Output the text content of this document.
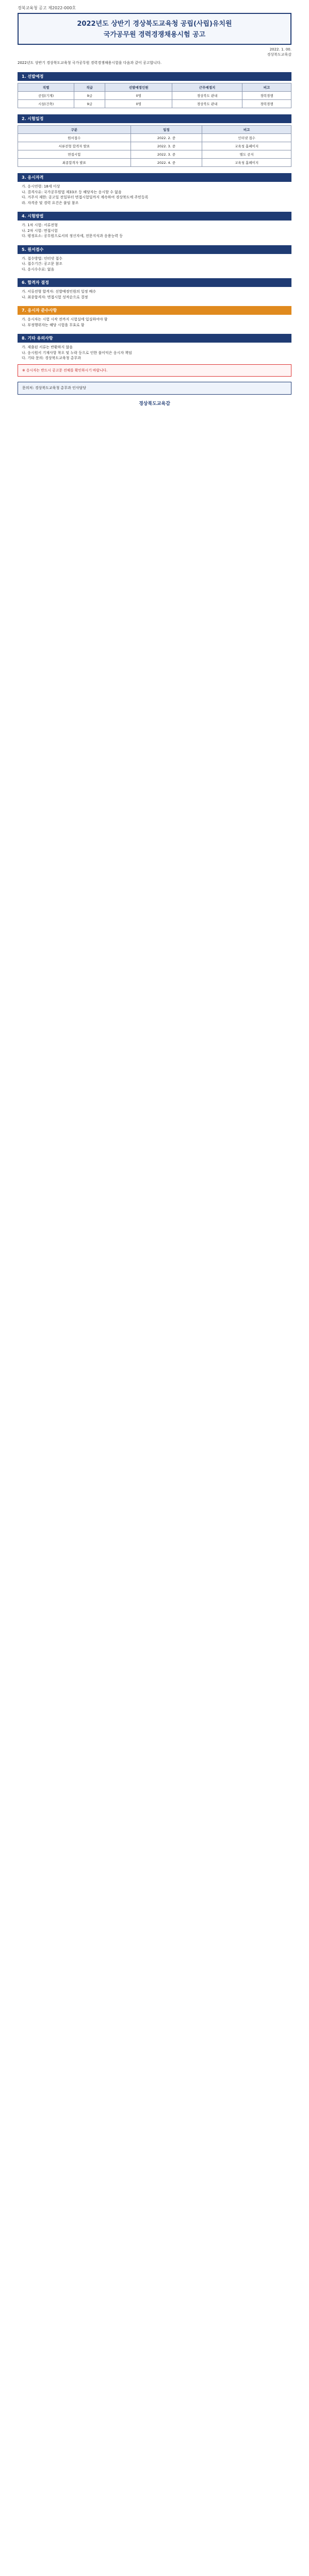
경북교육청 공고 제2022-000호
2022년도 상반기 경상북도교육청 공립(사립)유치원
국가공무원 경력경쟁채용시험 공고
2022. 1. 00.
경상북도교육감
2022년도 상반기 경상북도교육청 국가공무원 경력경쟁채용시험을 다음과 같이 공고합니다.
1. 선발예정
직렬	직급	선발예정인원	근무예정지	비고
공업(기계)	9급	0명	경상북도 관내	경력경쟁
시설(건축)	9급	0명	경상북도 관내	경력경쟁
2. 시험일정
구분	일정	비고
원서접수	2022. 2. 중	인터넷 접수
서류전형 합격자 발표	2022. 3. 중	교육청 홈페이지
면접시험	2022. 3. 중	별도 공지
최종합격자 발표	2022. 4. 중	교육청 홈페이지
3. 응시자격
가. 응시연령: 18세 이상
나. 결격사유: 국가공무원법 제33조 등 해당자는 응시할 수 없음
다. 거주지 제한: 공고일 전일부터 면접시험일까지 계속하여 경상북도에 주민등록
라. 자격증 및 경력 요건은 붙임 참조
4. 시험방법
가. 1차 시험: 서류전형
나. 2차 시험: 면접시험
다. 평정요소: 공무원으로서의 정신자세, 전문지식과 응용능력 등
5. 원서접수
가. 접수방법: 인터넷 접수
나. 접수기간: 공고문 참조
다. 응시수수료: 없음
6. 합격자 결정
가. 서류전형 합격자: 선발예정인원의 일정 배수
나. 최종합격자: 면접시험 성적순으로 결정
7. 응시자 준수사항
가. 응시자는 시험 시작 전까지 시험실에 입실하여야 함
나. 부정행위자는 해당 시험을 무효로 함
8. 기타 유의사항
가. 제출된 서류는 반환하지 않음
나. 응시원서 기재사항 착오 및 누락 등으로 인한 불이익은 응시자 책임
다. 기타 문의: 경상북도교육청 총무과
※ 응시자는 반드시 공고문 전체를 확인하시기 바랍니다.
문의처: 경상북도교육청 총무과 인사담당
경상북도교육감
